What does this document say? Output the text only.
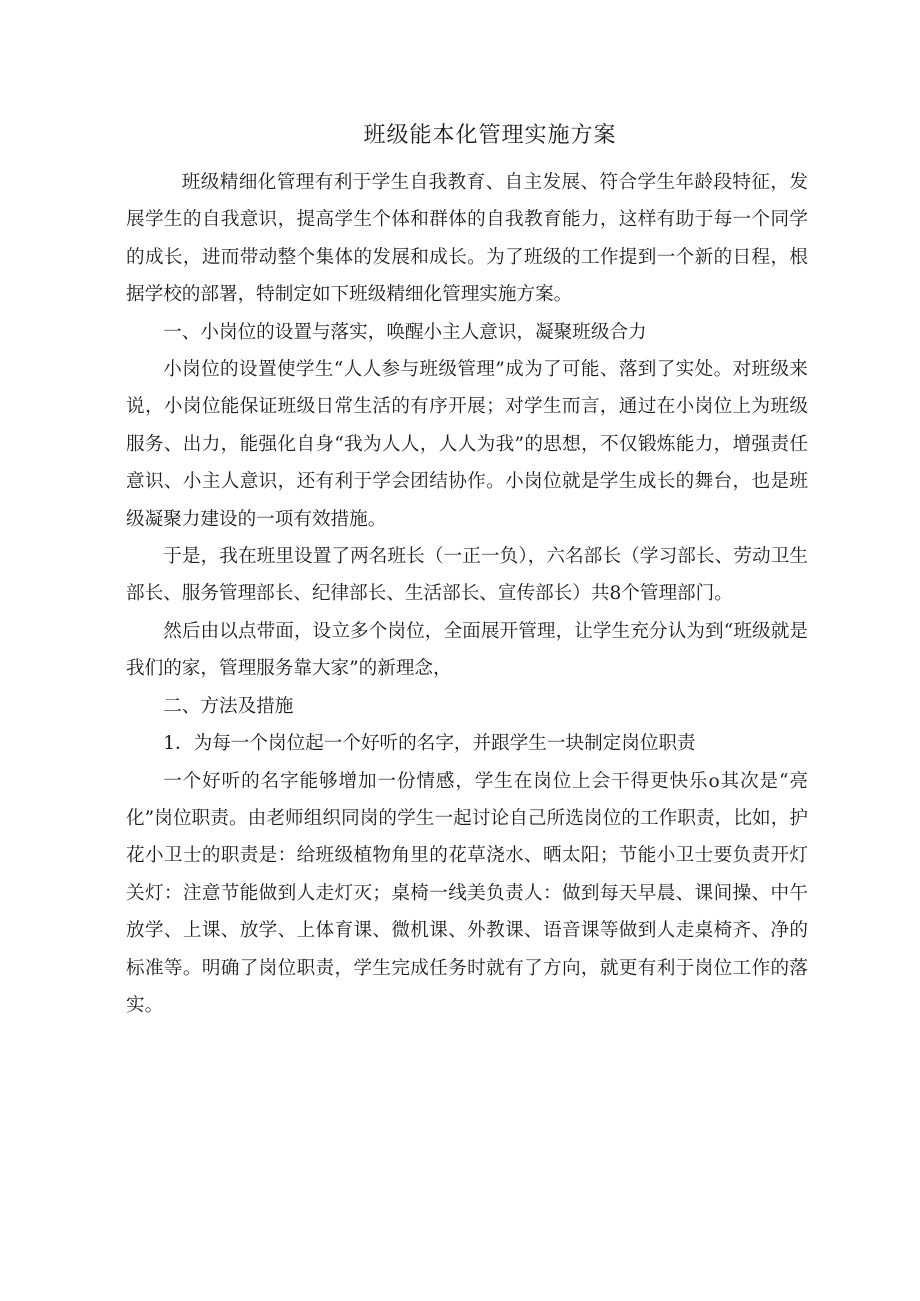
班级能本化管理实施方案

班级精细化管理有利于学生自我教育、自主发展、符合学生年龄段特征，发展学生的自我意识，提高学生个体和群体的自我教育能力，这样有助于每一个同学的成长，进而带动整个集体的发展和成长。为了班级的工作提到一个新的日程，根据学校的部署，特制定如下班级精细化管理实施方案。

一、小岗位的设置与落实，唤醒小主人意识，凝聚班级合力

小岗位的设置使学生“人人参与班级管理”成为了可能、落到了实处。对班级来说，小岗位能保证班级日常生活的有序开展；对学生而言，通过在小岗位上为班级服务、出力，能强化自身“我为人人，人人为我”的思想，不仅锻炼能力，增强责任意识、小主人意识，还有利于学会团结协作。小岗位就是学生成长的舞台，也是班级凝聚力建设的一项有效措施。

于是，我在班里设置了两名班长（一正一负），六名部长（学习部长、劳动卫生部长、服务管理部长、纪律部长、生活部长、宣传部长）共8个管理部门。

然后由以点带面，设立多个岗位，全面展开管理，让学生充分认为到“班级就是我们的家，管理服务靠大家”的新理念，

二、方法及措施

1．为每一个岗位起一个好听的名字，并跟学生一块制定岗位职责

一个好听的名字能够增加一份情感，学生在岗位上会干得更快乐o其次是“亮化”岗位职责。由老师组织同岗的学生一起讨论自己所选岗位的工作职责，比如，护花小卫士的职责是：给班级植物角里的花草浇水、晒太阳；节能小卫士要负责开灯关灯：注意节能做到人走灯灭；桌椅一线美负责人：做到每天早晨、课间操、中午放学、上课、放学、上体育课、微机课、外教课、语音课等做到人走桌椅齐、净的标准等。明确了岗位职责，学生完成任务时就有了方向，就更有利于岗位工作的落实。
